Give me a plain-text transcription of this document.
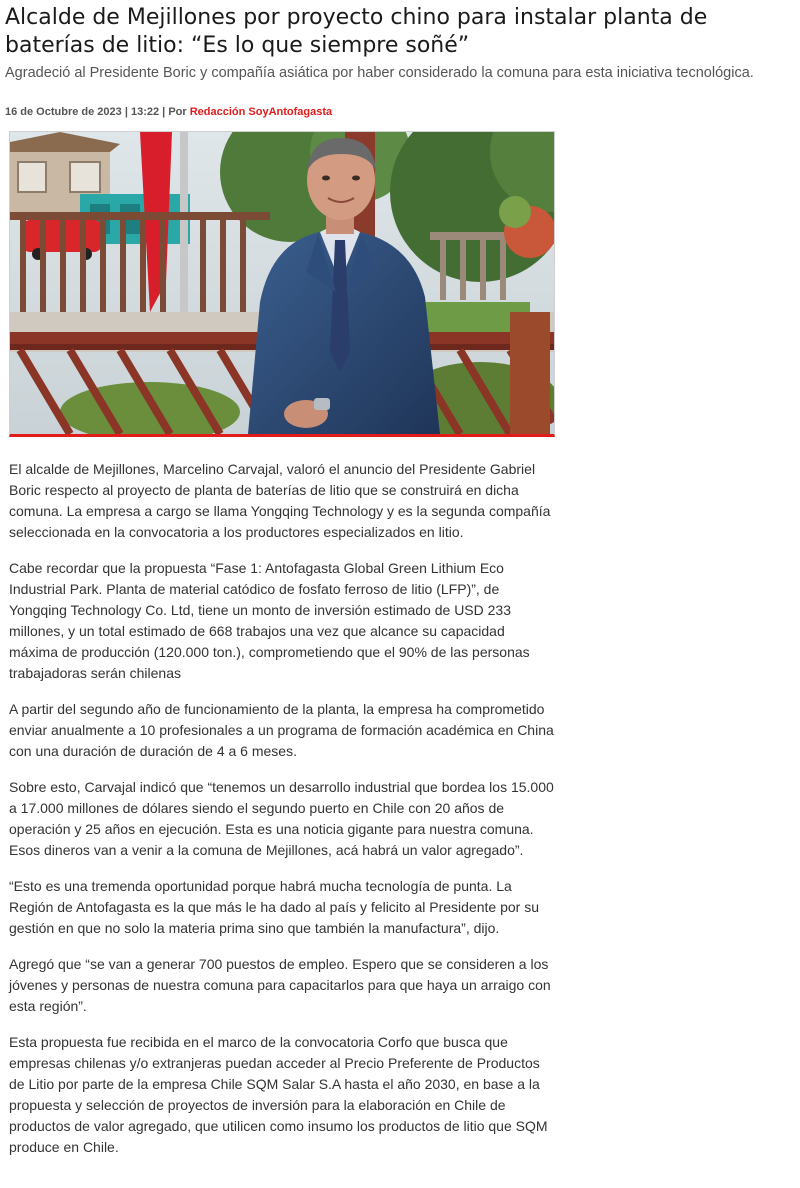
Alcalde de Mejillones por proyecto chino para instalar planta de baterías de litio: “Es lo que siempre soñé”

Agradeció al Presidente Boric y compañía asiática por haber considerado la comuna para esta iniciativa tecnológica.

16 de Octubre de 2023 | 13:22 | Por Redacción SoyAntofagasta

El alcalde de Mejillones, Marcelino Carvajal, valoró el anuncio del Presidente Gabriel Boric respecto al proyecto de planta de baterías de litio que se construirá en dicha comuna. La empresa a cargo se llama Yongqing Technology y es la segunda compañía seleccionada en la convocatoria a los productores especializados en litio.

Cabe recordar que la propuesta “Fase 1: Antofagasta Global Green Lithium Eco Industrial Park. Planta de material catódico de fosfato ferroso de litio (LFP)”, de Yongqing Technology Co. Ltd, tiene un monto de inversión estimado de USD 233 millones, y un total estimado de 668 trabajos una vez que alcance su capacidad máxima de producción (120.000 ton.), comprometiendo que el 90% de las personas trabajadoras serán chilenas

A partir del segundo año de funcionamiento de la planta, la empresa ha comprometido enviar anualmente a 10 profesionales a un programa de formación académica en China con una duración de duración de 4 a 6 meses.

Sobre esto, Carvajal indicó que “tenemos un desarrollo industrial que bordea los 15.000 a 17.000 millones de dólares siendo el segundo puerto en Chile con 20 años de operación y 25 años en ejecución. Esta es una noticia gigante para nuestra comuna. Esos dineros van a venir a la comuna de Mejillones, acá habrá un valor agregado”.

“Esto es una tremenda oportunidad porque habrá mucha tecnología de punta. La Región de Antofagasta es la que más le ha dado al país y felicito al Presidente por su gestión en que no solo la materia prima sino que también la manufactura”, dijo.

Agregó que “se van a generar 700 puestos de empleo. Espero que se consideren a los jóvenes y personas de nuestra comuna para capacitarlos para que haya un arraigo con esta región”.

Esta propuesta fue recibida en el marco de la convocatoria Corfo que busca que empresas chilenas y/o extranjeras puedan acceder al Precio Preferente de Productos de Litio por parte de la empresa Chile SQM Salar S.A hasta el año 2030, en base a la propuesta y selección de proyectos de inversión para la elaboración en Chile de productos de valor agregado, que utilicen como insumo los productos de litio que SQM produce en Chile.
